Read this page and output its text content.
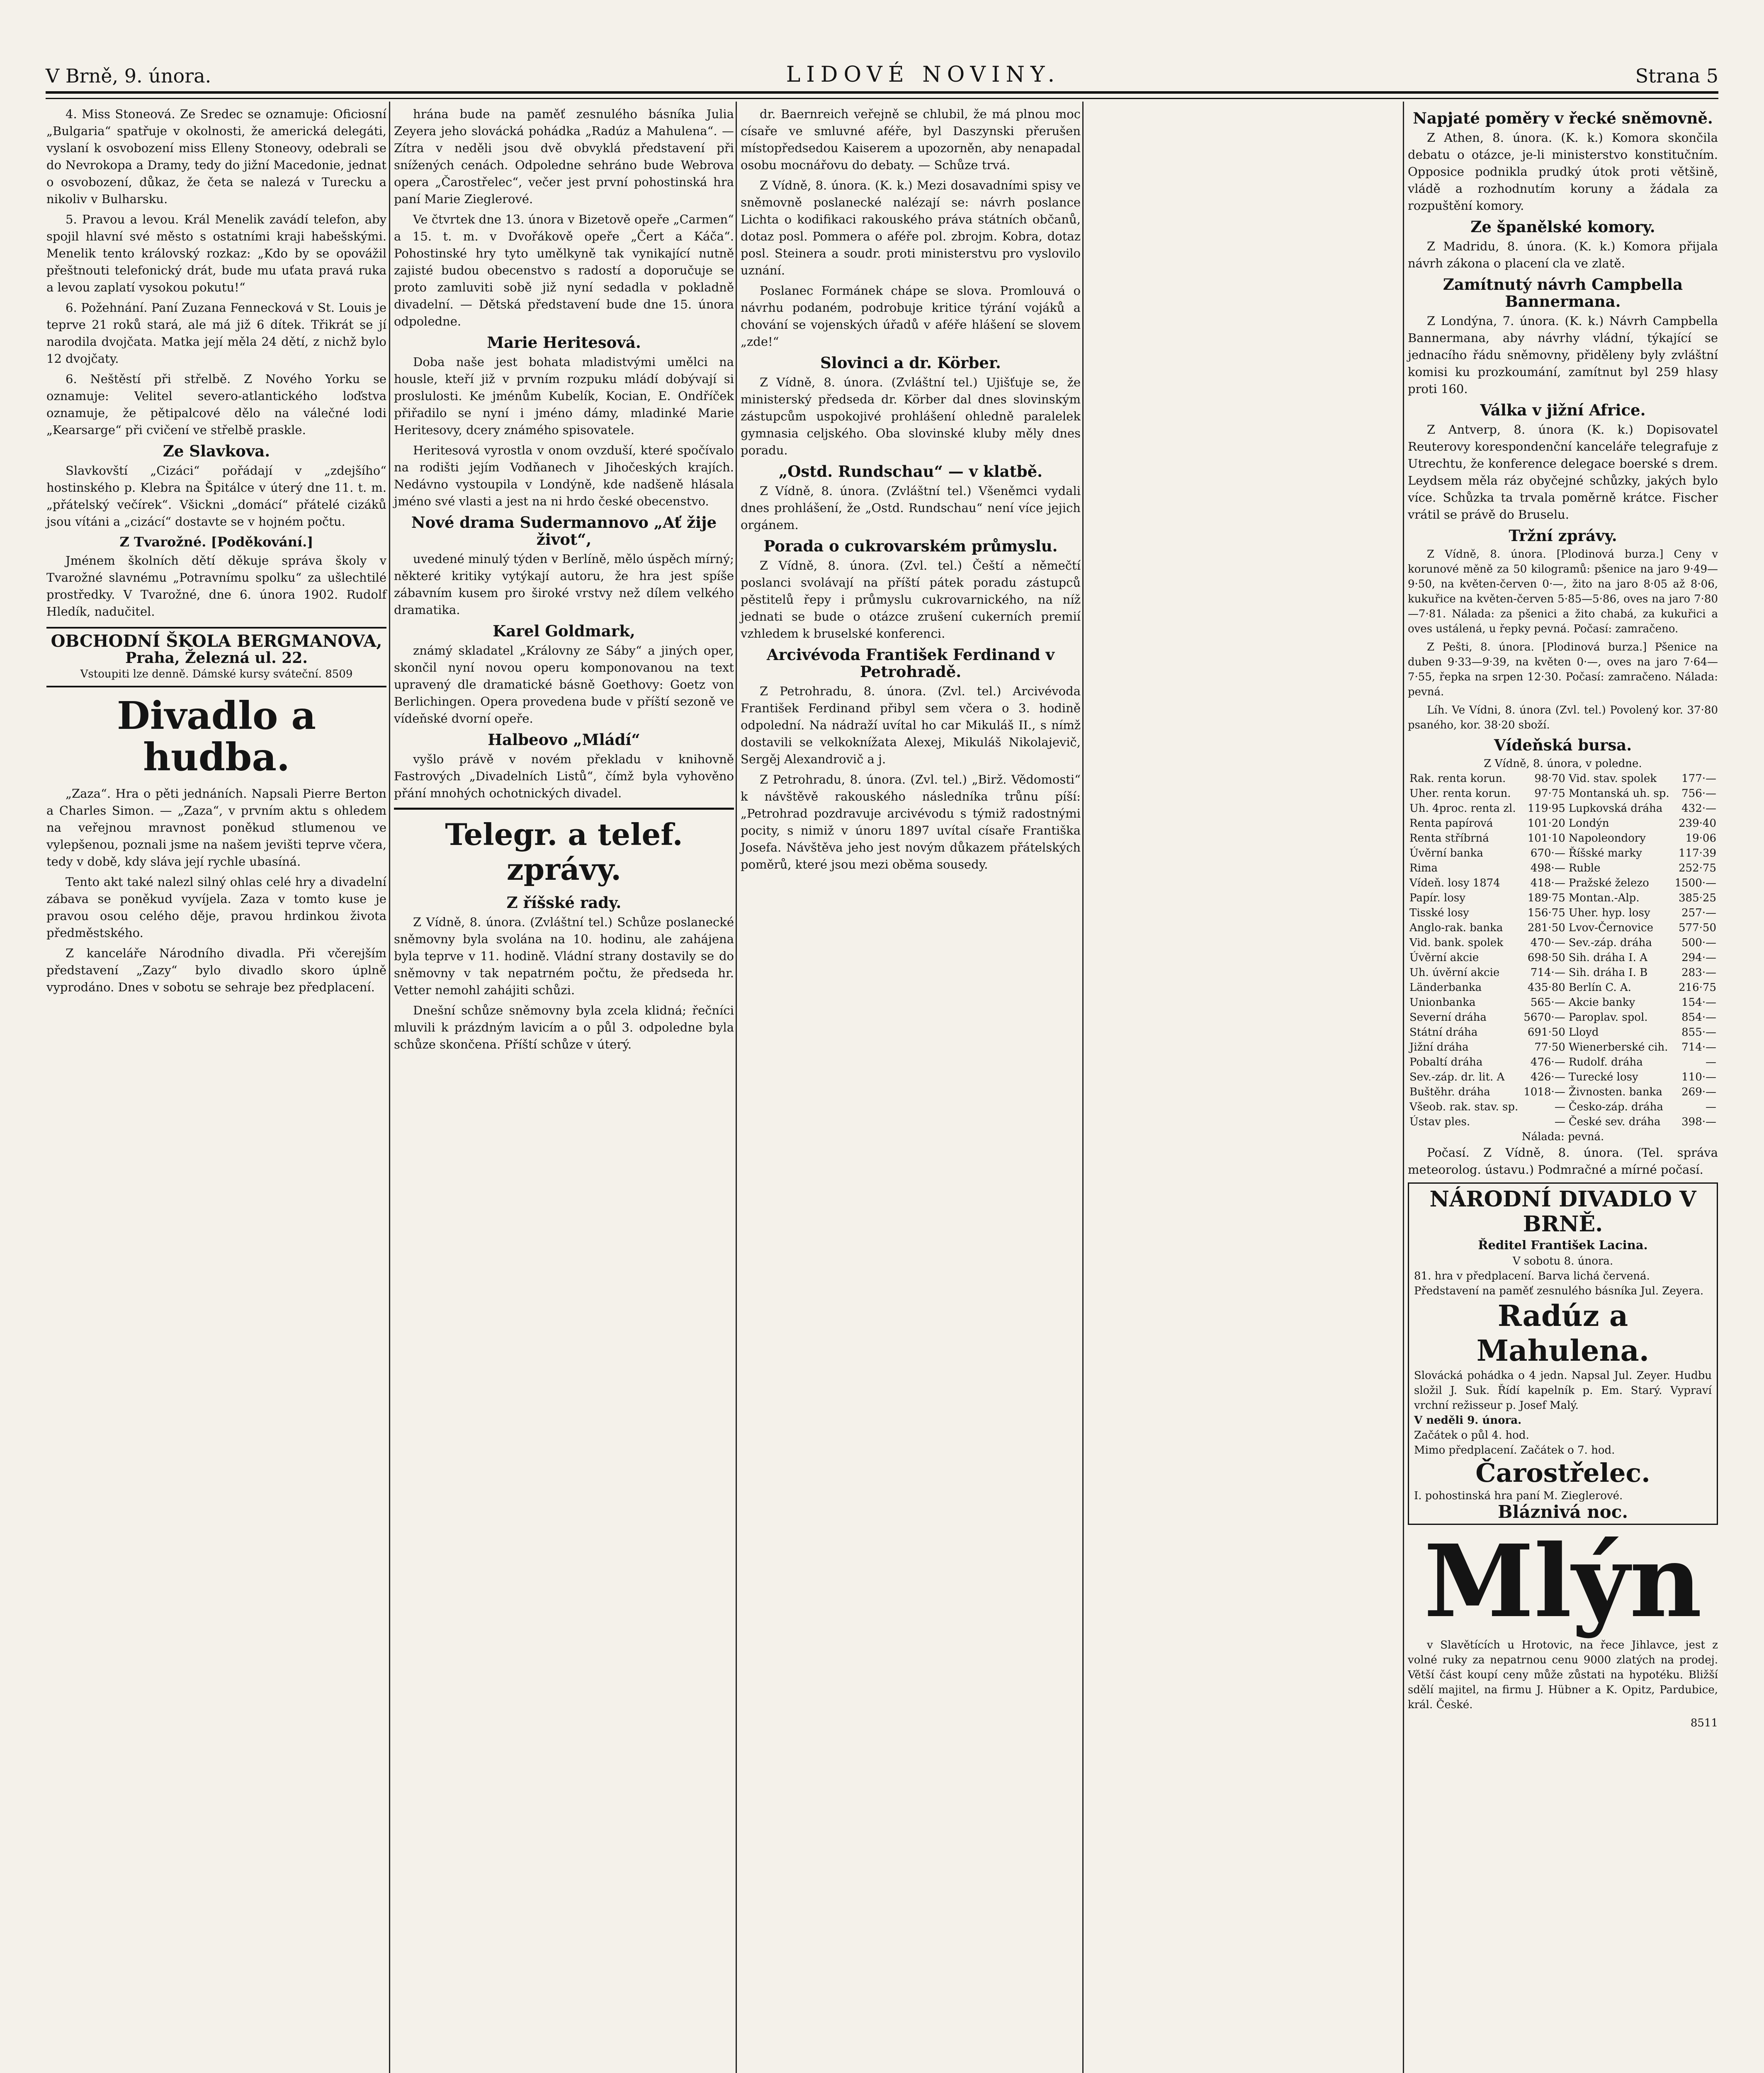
V Brně, 9. února.	LIDOVÉ NOVINY.	Strana 5

4. Miss Stoneová. Ze Sredec se oznamuje: Oficiosní „Bulgaria“ spatřuje v okolnosti, že americká delegáti, vyslaní k osvobození miss Elleny Stoneovy, odebrali se do Nevrokopa a Dramy, tedy do jižní Macedonie, jednat o osvobození, důkaz, že četa se nalezá v Turecku a nikoliv v Bulharsku.

5. Pravou a levou. Král Menelik zavádí telefon, aby spojil hlavní své město s ostatními kraji habešskými. Menelik tento královský rozkaz: „Kdo by se opovážil přeštnouti telefonický drát, bude mu uťata pravá ruka a levou zaplatí vysokou pokutu!“

6. Požehnání. Paní Zuzana Fennecková v St. Louis je teprve 21 roků stará, ale má již 6 dítek. Třikrát se jí narodila dvojčata. Matka její měla 24 dětí, z nichž bylo 12 dvojčaty.

6. Neštěstí při střelbě. Z Nového Yorku se oznamuje: Velitel severo-atlantického loďstva oznamuje, že pětipalcové dělo na válečné lodi „Kearsarge“ při cvičení ve střelbě praskle.

Ze Slavkova.

Slavkovští „Cizáci“ pořádají v „zdejšího“ hostinského p. Klebra na Špitálce v úterý dne 11. t. m. „přátelský večírek“. Všickni „domácí“ přátelé cizáků jsou vítáni a „cizácí“ dostavte se v hojném počtu.

Z Tvarožné. [Poděkování.]

Jménem školních dětí děkuje správa školy v Tvarožné slavnému „Potravnímu spolku“ za ušlechtilé prostředky. V Tvarožné, dne 6. února 1902. Rudolf Hledík, nadučitel.

OBCHODNÍ ŠKOLA BERGMANOVA,
Praha, Železná ul. 22.
Vstoupiti lze denně. Dámské kursy sváteční. 8509
Divadlo a hudba.

„Zaza“. Hra o pěti jednáních. Napsali Pierre Berton a Charles Simon. — „Zaza“, v prvním aktu s ohledem na veřejnou mravnost poněkud stlumenou ve vylepšenou, poznali jsme na našem jevišti teprve včera, tedy v době, kdy sláva její rychle ubasíná.

Tento akt také nalezl silný ohlas celé hry a divadelní zábava se poněkud vyvíjela. Zaza v tomto kuse je pravou osou celého děje, pravou hrdinkou života předměstského.

Z kanceláře Národního divadla. Při včerejším představení „Zazy“ bylo divadlo skoro úplně vyprodáno. Dnes v sobotu se sehraje bez předplacení.

hrána bude na paměť zesnulého básníka Julia Zeyera jeho slovácká pohádka „Radúz a Mahulena“. — Zítra v neděli jsou dvě obvyklá představení při snížených cenách. Odpoledne sehráno bude Webrova opera „Čarostřelec“, večer jest první pohostinská hra paní Marie Zieglerové.

Ve čtvrtek dne 13. února v Bizetově opeře „Carmen“ a 15. t. m. v Dvořákově opeře „Čert a Káča“. Pohostinské hry tyto umělkyně tak vynikající nutně zajisté budou obecenstvo s radostí a doporučuje se proto zamluviti sobě již nyní sedadla v pokladně divadelní. — Dětská představení bude dne 15. února odpoledne.

Marie Heritesová.

Doba naše jest bohata mladistvými umělci na housle, kteří již v prvním rozpuku mládí dobývají si proslulosti. Ke jménům Kubelík, Kocian, E. Ondříček přiřadilo se nyní i jméno dámy, mladinké Marie Heritesovy, dcery známého spisovatele.

Heritesová vyrostla v onom ovzduší, které spočívalo na rodišti jejím Vodňanech v Jihočeských krajích. Nedávno vystoupila v Londýně, kde nadšeně hlásala jméno své vlasti a jest na ni hrdo české obecenstvo.

Nové drama Sudermannovo „Ať žije život“,

uvedené minulý týden v Berlíně, mělo úspěch mírný; některé kritiky vytýkají autoru, že hra jest spíše zábavním kusem pro široké vrstvy než dílem velkého dramatika.

Karel Goldmark,

známý skladatel „Královny ze Sáby“ a jiných oper, skončil nyní novou operu komponovanou na text upravený dle dramatické básně Goethovy: Goetz von Berlichingen. Opera provedena bude v příští sezoně ve vídeňské dvorní opeře.

Halbeovo „Mládí“

vyšlo právě v novém překladu v knihovně Fastrových „Divadelních Listů“, čímž byla vyhověno přání mnohých ochotnických divadel.

Telegr. a telef. zprávy.
Z říšské rady.

Z Vídně, 8. února. (Zvláštní tel.) Schůze poslanecké sněmovny byla svolána na 10. hodinu, ale zahájena byla teprve v 11. hodině. Vládní strany dostavily se do sněmovny v tak nepatrném počtu, že předseda hr. Vetter nemohl zahájiti schůzi.

Dnešní schůze sněmovny byla zcela klidná; řečníci mluvili k prázdným lavicím a o půl 3. odpoledne byla schůze skončena. Příští schůze v úterý.

dr. Baernreich veřejně se chlubil, že má plnou moc císaře ve smluvné aféře, byl Daszynski přerušen místopředsedou Kaiserem a upozorněn, aby nenapadal osobu mocnářovu do debaty. — Schůze trvá.

Z Vídně, 8. února. (K. k.) Mezi dosavadními spisy ve sněmovně poslanecké nalézají se: návrh poslance Lichta o kodifikaci rakouského práva státních občanů, dotaz posl. Pommera o aféře pol. zbrojm. Kobra, dotaz posl. Steinera a soudr. proti ministerstvu pro vyslovilo uznání.

Poslanec Formánek chápe se slova. Promlouvá o návrhu podaném, podrobuje kritice týrání vojáků a chování se vojenských úřadů v aféře hlášení se slovem „zde!“

Slovinci a dr. Körber.

Z Vídně, 8. února. (Zvláštní tel.) Ujišťuje se, že ministerský předseda dr. Körber dal dnes slovinským zástupcům uspokojivé prohlášení ohledně paralelek gymnasia celjského. Oba slovinské kluby měly dnes poradu.

„Ostd. Rundschau“ — v klatbě.

Z Vídně, 8. února. (Zvláštní tel.) Všeněmci vydali dnes prohlášení, že „Ostd. Rundschau“ není více jejich orgánem.

Porada o cukrovarském průmyslu.

Z Vídně, 8. února. (Zvl. tel.) Čeští a němečtí poslanci svolávají na příští pátek poradu zástupců pěstitelů řepy i průmyslu cukrovarnického, na níž jednati se bude o otázce zrušení cukerních premií vzhledem k bruselské konferenci.

Arcivévoda František Ferdinand v Petrohradě.

Z Petrohradu, 8. února. (Zvl. tel.) Arcivévoda František Ferdinand přibyl sem včera o 3. hodině odpolední. Na nádraží uvítal ho car Mikuláš II., s nímž dostavili se velkoknížata Alexej, Mikuláš Nikolajevič, Sergěj Alexandrovič a j.

Z Petrohradu, 8. února. (Zvl. tel.) „Birž. Vědomosti“ k návštěvě rakouského následníka trůnu píší: „Petrohrad pozdravuje arcivévodu s týmiž radostnými pocity, s nimiž v únoru 1897 uvítal císaře Františka Josefa. Návštěva jeho jest novým důkazem přátelských poměrů, které jsou mezi oběma sousedy.

Napjaté poměry v řecké sněmovně.

Z Athen, 8. února. (K. k.) Komora skončila debatu o otázce, je-li ministerstvo konstitučním. Opposice podnikla prudký útok proti většině, vládě a rozhodnutím koruny a žádala za rozpuštění komory.

Ze španělské komory.

Z Madridu, 8. února. (K. k.) Komora přijala návrh zákona o placení cla ve zlatě.

Zamítnutý návrh Campbella Bannermana.

Z Londýna, 7. února. (K. k.) Návrh Campbella Bannermana, aby návrhy vládní, týkající se jednacího řádu sněmovny, přiděleny byly zvláštní komisi ku prozkoumání, zamítnut byl 259 hlasy proti 160.

Válka v jižní Africe.

Z Antverp, 8. února (K. k.) Dopisovatel Reuterovy korespondenční kanceláře telegrafuje z Utrechtu, že konference delegace boerské s drem. Leydsem měla ráz obyčejné schůzky, jakých bylo více. Schůzka ta trvala poměrně krátce. Fischer vrátil se právě do Bruselu.

Tržní zprávy.

Z Vídně, 8. února. [Plodinová burza.] Ceny v korunové měně za 50 kilogramů: pšenice na jaro 9·49—9·50, na květen-červen 0·—, žito na jaro 8·05 až 8·06, kukuřice na květen-červen 5·85—5·86, oves na jaro 7·80—7·81. Nálada: za pšenici a žito chabá, za kukuřici a oves ustálená, u řepky pevná. Počasí: zamračeno.

Z Pešti, 8. února. [Plodinová burza.] Pšenice na duben 9·33—9·39, na květen 0·—, oves na jaro 7·64—7·55, řepka na srpen 12·30. Počasí: zamračeno. Nálada: pevná.

Líh. Ve Vídni, 8. února (Zvl. tel.) Povolený kor. 37·80 psaného, kor. 38·20 sboží.

Vídeňská bursa.
Z Vídně, 8. února, v poledne.
Rak. renta korun.	98·70	Vid. stav. spolek	177·—
Uher. renta korun.	97·75	Montanská uh. sp.	756·—
Uh. 4proc. renta zl.	119·95	Lupkovská dráha	432·—
Renta papírová	101·20	Londýn	239·40
Renta stříbrná	101·10	Napoleondory	19·06
Úvěrní banka	670·—	Říšské marky	117·39
Rima	498·—	Ruble	252·75
Vídeň. losy 1874	418·—	Pražské železo	1500·—
Papír. losy	189·75	Montan.-Alp.	385·25
Tisské losy	156·75	Uher. hyp. losy	257·—
Anglo-rak. banka	281·50	Lvov-Černovice	577·50
Vid. bank. spolek	470·—	Sev.-záp. dráha	500·—
Úvěrní akcie	698·50	Sih. dráha I. A	294·—
Uh. úvěrní akcie	714·—	Sih. dráha I. B	283·—
Länderbanka	435·80	Berlín C. A.	216·75
Unionbanka	565·—	Akcie banky	154·—
Severní dráha	5670·—	Paroplav. spol.	854·—
Státní dráha	691·50	Lloyd	855·—
Jižní dráha	77·50	Wienerberské cih.	714·—
Pobaltí dráha	476·—	Rudolf. dráha	—
Sev.-záp. dr. lit. A	426·—	Turecké losy	110·—
Buštěhr. dráha	1018·—	Živnosten. banka	269·—
Všeob. rak. stav. sp.	—	Česko-záp. dráha	—
Ústav ples.	—	České sev. dráha	398·—
Nálada: pevná.

Počasí. Z Vídně, 8. února. (Tel. správa meteorolog. ústavu.) Podmračné a mírné počasí.

NÁRODNÍ DIVADLO V BRNĚ.
Ředitel František Lacina.
V sobotu 8. února.
81. hra v předplacení. Barva lichá červená.
Představení na paměť zesnulého básníka Jul. Zeyera.
Radúz a Mahulena.
Slovácká pohádka o 4 jedn. Napsal Jul. Zeyer. Hudbu složil J. Suk. Řídí kapelník p. Em. Starý. Vypraví vrchní režisseur p. Josef Malý.
V neděli 9. února.
Začátek o půl 4. hod.
Mimo předplacení. Začátek o 7. hod.
Čarostřelec.
I. pohostinská hra paní M. Zieglerové.
Bláznivá noc.
Mlýn

v Slavětících u Hrotovic, na řece Jihlavce, jest z volné ruky za nepatrnou cenu 9000 zlatých na prodej. Větší část koupí ceny může zůstati na hypotéku. Bližší sdělí majitel, na firmu J. Hübner a K. Opitz, Pardubice, král. České.

8511
